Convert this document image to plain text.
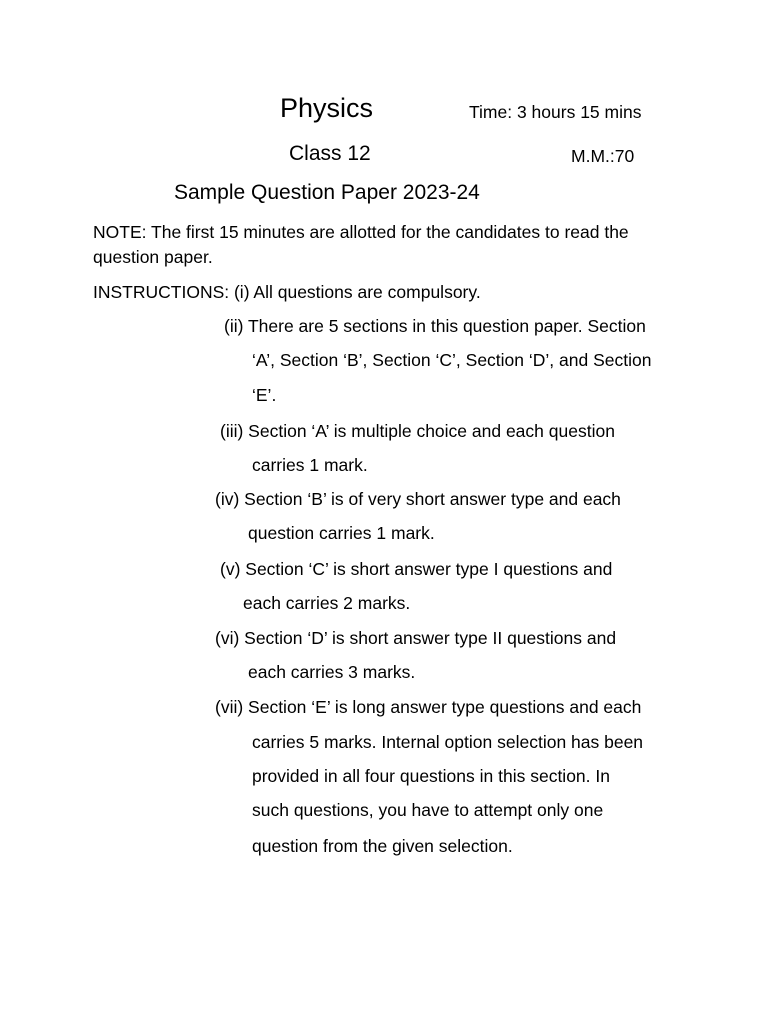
Physics	Time: 3 hours 15 mins
Class 12	M.M.:70
Sample Question Paper 2023-24
NOTE: The first 15 minutes are allotted for the candidates to read the
question paper.
INSTRUCTIONS: (i) All questions are compulsory.
(ii) There are 5 sections in this question paper. Section
‘A’, Section ‘B’, Section ‘C’, Section ‘D’, and Section
‘E’.
(iii) Section ‘A’ is multiple choice and each question
carries 1 mark.
(iv) Section ‘B’ is of very short answer type and each
question carries 1 mark.
(v) Section ‘C’ is short answer type I questions and
each carries 2 marks.
(vi) Section ‘D’ is short answer type II questions and
each carries 3 marks.
(vii) Section ‘E’ is long answer type questions and each
carries 5 marks. Internal option selection has been
provided in all four questions in this section. In
such questions, you have to attempt only one
question from the given selection.
